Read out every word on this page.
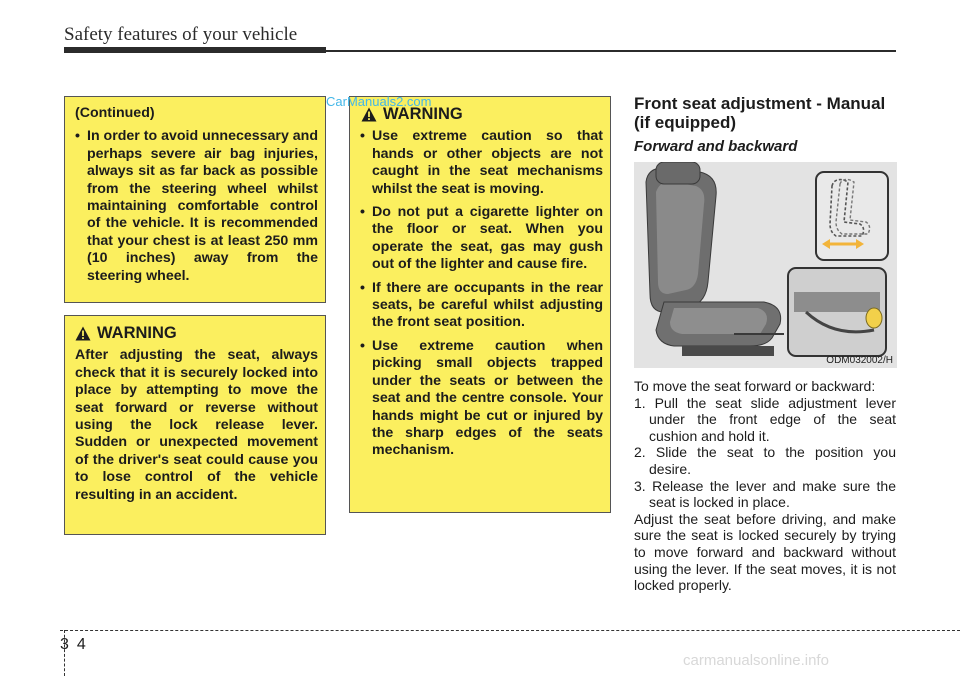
Safety features of your vehicle
(Continued)
• In order to avoid unnecessary and perhaps severe air bag injuries, always sit as far back as possible from the steering wheel whilst maintaining comfortable control of the vehicle. It is recommended that your chest is at least 250 mm (10 inches) away from the steering wheel.
WARNING
After adjusting the seat, always check that it is securely locked into place by attempting to move the seat forward or reverse without using the lock release lever. Sudden or unexpected movement of the driver's seat could cause you to lose control of the vehicle resulting in an accident.
WARNING
• Use extreme caution so that hands or other objects are not caught in the seat mechanisms whilst the seat is moving.
• Do not put a cigarette lighter on the floor or seat. When you operate the seat, gas may gush out of the lighter and cause fire.
• If there are occupants in the rear seats, be careful whilst adjusting the front seat position.
• Use extreme caution when picking small objects trapped under the seats or between the seat and the centre console. Your hands might be cut or injured by the sharp edges of the seats mechanism.
CarManuals2.com	Front seat adjustment - Manual (if equipped)
Forward and backward
ODM032002/H

To move the seat forward or backward:

1. Pull the seat slide adjustment lever under the front edge of the seat cushion and hold it.

2. Slide the seat to the position you desire.

3. Release the lever and make sure the seat is locked in place.

Adjust the seat before driving, and make sure the seat is locked securely by trying to move forward and backward without using the lever. If the seat moves, it is not locked properly.

3 4
carmanualsonline.info
